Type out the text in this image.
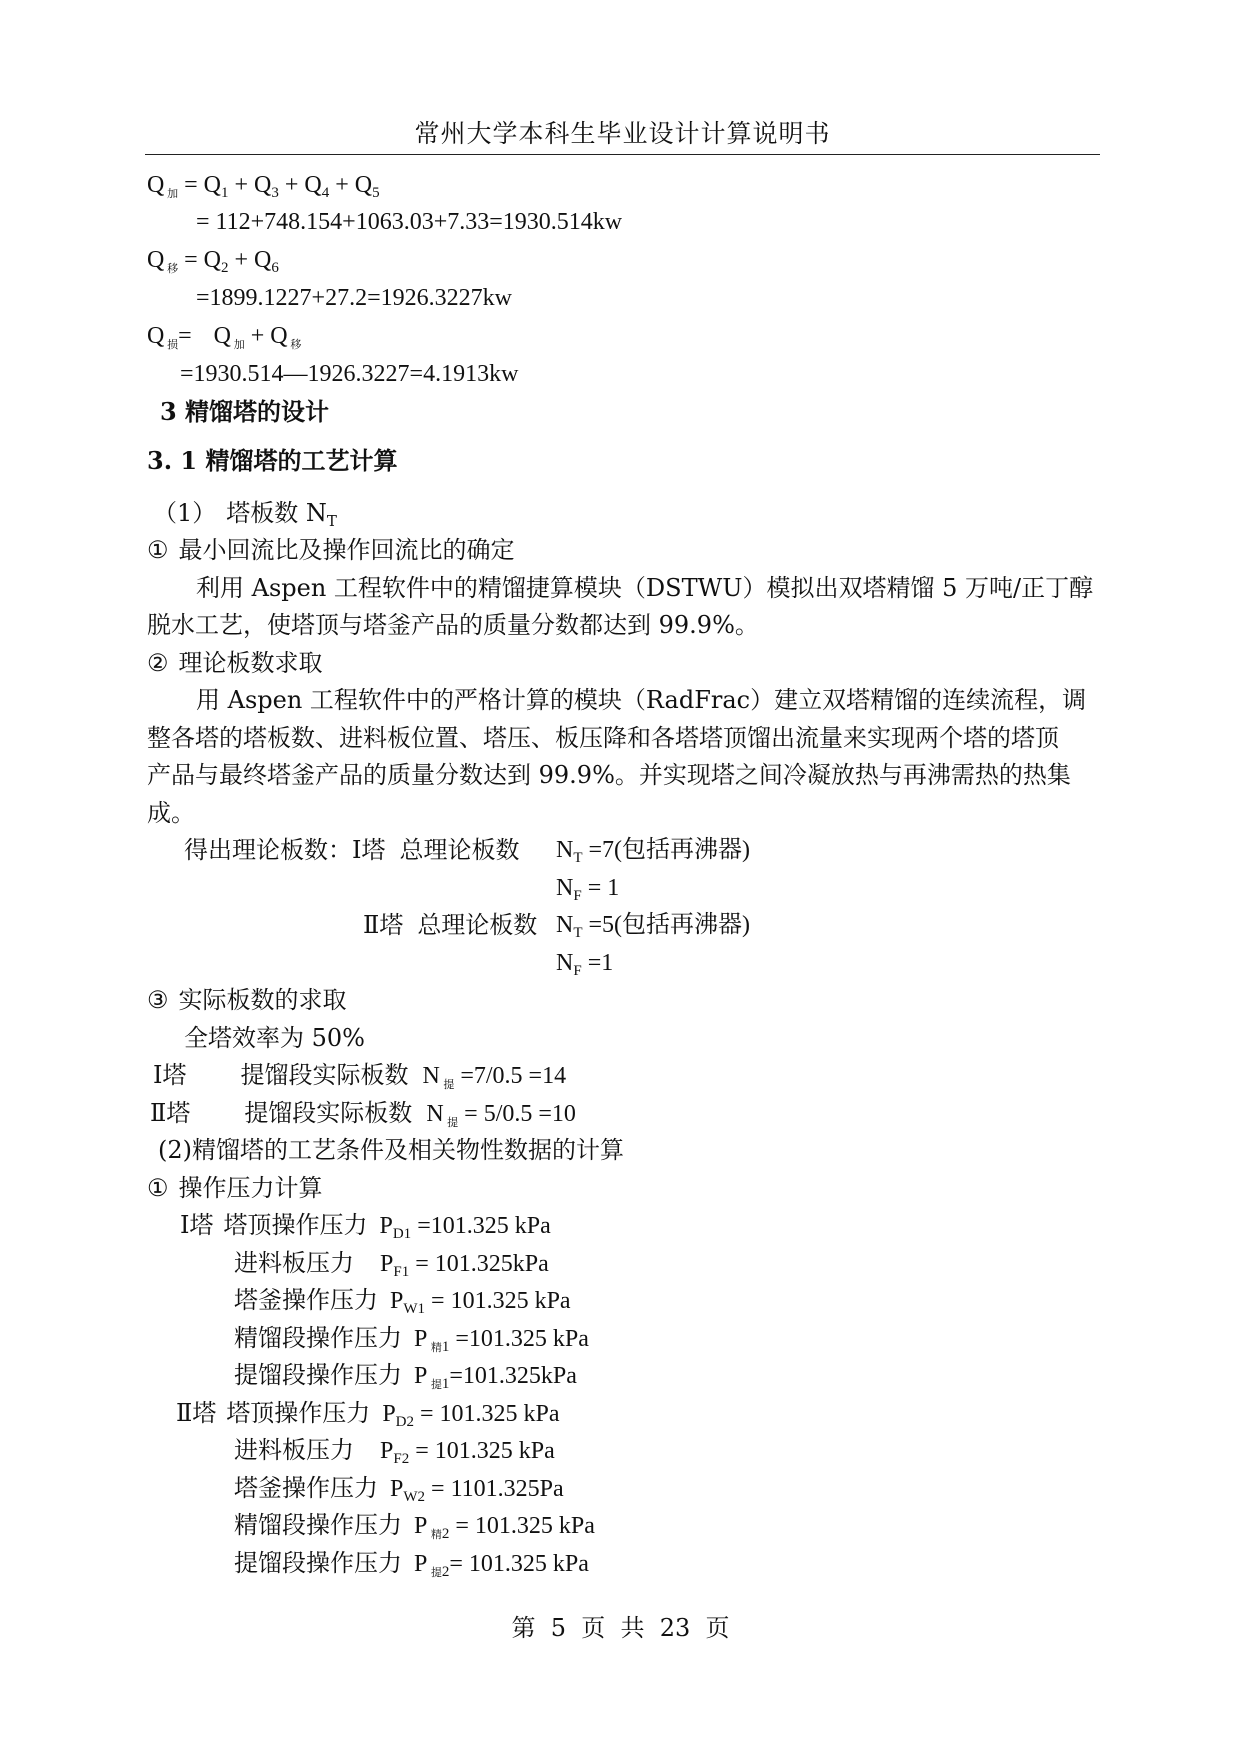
常州大学本科生毕业设计计算说明书
Q $_加 = Q_1 + Q_3 + Q_4 + Q_5$
= 112+748.154+1063.03+7.33=1930.514kw
Q $_移 = Q_2 + Q_6$
=1899.1227+27.2=1926.3227kw
Q $_损$= Q $_加$ + Q $_移$
=1930.514—1926.3227=4.1913kw
3 精馏塔的设计
3. 1 精馏塔的工艺计算
（1） 塔板数 $N_T$
① 最小回流比及操作回流比的确定
利用 Aspen 工程软件中的精馏捷算模块（DSTWU）模拟出双塔精馏 5 万吨/正丁醇
脱水工艺，使塔顶与塔釜产品的质量分数都达到 99.9%。
② 理论板数求取
用 Aspen 工程软件中的严格计算的模块（RadFrac）建立双塔精馏的连续流程，调
整各塔的塔板数、进料板位置、塔压、板压降和各塔塔顶馏出流量来实现两个塔的塔顶
产品与最终塔釜产品的质量分数达到 99.9%。并实现塔之间冷凝放热与再沸需热的热集
成。
得出理论板数：Ⅰ塔 总理论板数 $N_T =7$(包括再沸器)
$N_F = 1$
Ⅱ塔 总理论板数 $N_T =5$(包括再沸器)
$N_F =1$
③ 实际板数的求取
全塔效率为 50%
Ⅰ塔 提馏段实际板数 N $_提$ =7/0.5 =14
Ⅱ塔 提馏段实际板数 N $_提$ = 5/0.5 =10
(2)精馏塔的工艺条件及相关物性数据的计算
① 操作压力计算
Ⅰ塔 塔顶操作压力 $P_{D1} =101.325$ kPa
进料板压力 $P_{F1} = 101.325kPa$
塔釜操作压力 $P_{W1} = 101.325$ kPa
精馏段操作压力 P $_{精1}$ =101.325 kPa
提馏段操作压力 P $_{提1}$=101.325kPa
Ⅱ塔 塔顶操作压力 $P_{D2} = 101.325$ kPa
进料板压力 $P_{F2} = 101.325$ kPa
塔釜操作压力 $P_{W2} = 1101.325Pa$
精馏段操作压力 P $_{精2}$ = 101.325 kPa
提馏段操作压力 P $_{提2}$= 101.325 kPa
第  5  页  共  23  页
